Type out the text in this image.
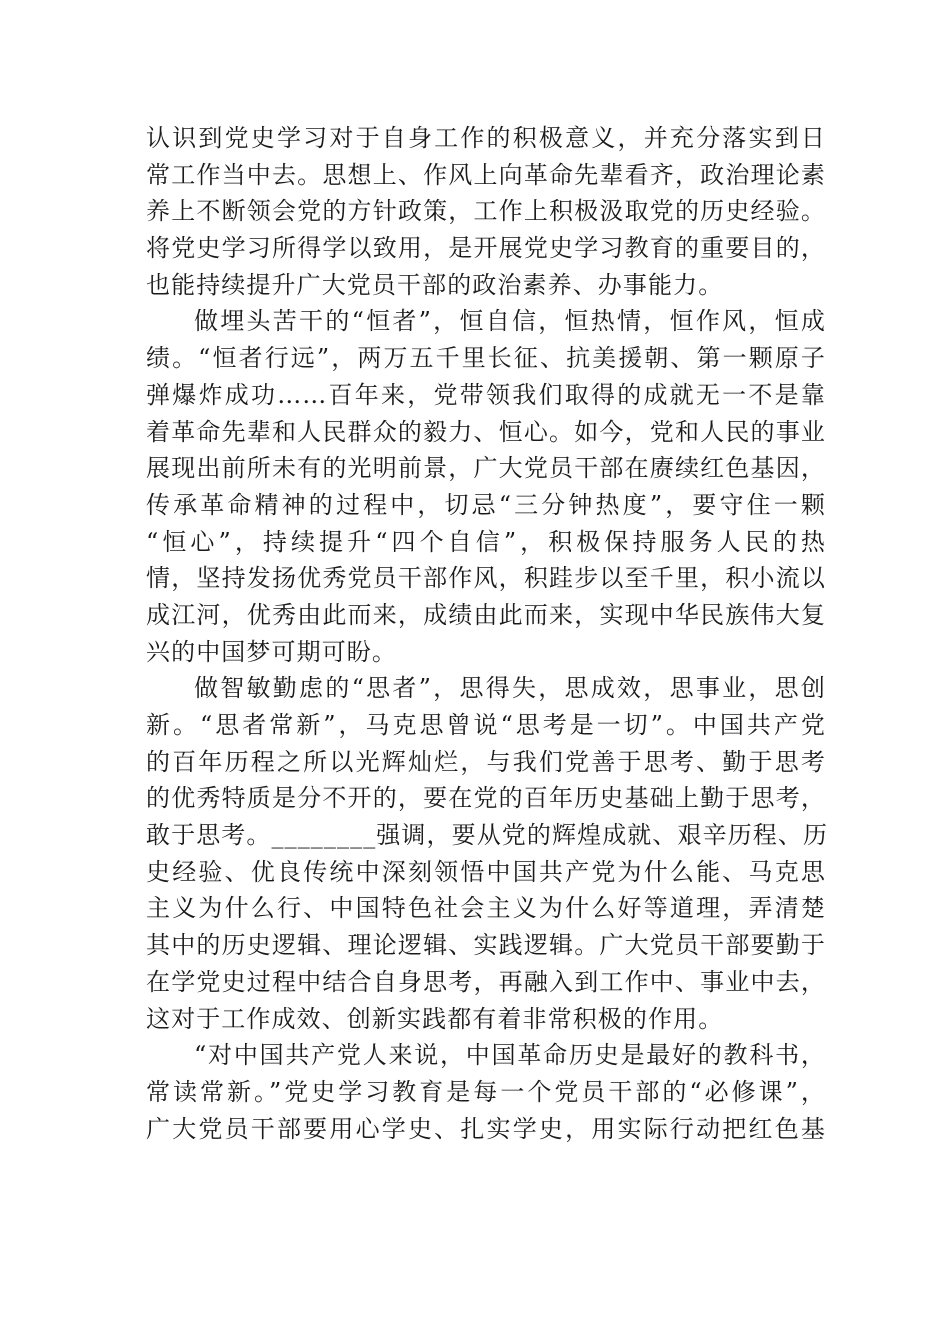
认识到党史学习对于自身工作的积极意义，并充分落实到日
常工作当中去。思想上、作风上向革命先辈看齐，政治理论素
养上不断领会党的方针政策，工作上积极汲取党的历史经验。
将党史学习所得学以致用，是开展党史学习教育的重要目的，
也能持续提升广大党员干部的政治素养、办事能力。
做埋头苦干的“恒者”，恒自信，恒热情，恒作风，恒成
绩。“恒者行远”，两万五千里长征、抗美援朝、第一颗原子
弹爆炸成功……百年来，党带领我们取得的成就无一不是靠
着革命先辈和人民群众的毅力、恒心。如今，党和人民的事业
展现出前所未有的光明前景，广大党员干部在赓续红色基因，
传承革命精神的过程中，切忌“三分钟热度”，要守住一颗
“恒心”，持续提升“四个自信”，积极保持服务人民的热
情，坚持发扬优秀党员干部作风，积跬步以至千里，积小流以
成江河，优秀由此而来，成绩由此而来，实现中华民族伟大复
兴的中国梦可期可盼。
做智敏勤虑的“思者”，思得失，思成效，思事业，思创
新。“思者常新”，马克思曾说“思考是一切”。中国共产党
的百年历程之所以光辉灿烂，与我们党善于思考、勤于思考
的优秀特质是分不开的，要在党的百年历史基础上勤于思考，
敢于思考。________强调，要从党的辉煌成就、艰辛历程、历
史经验、优良传统中深刻领悟中国共产党为什么能、马克思
主义为什么行、中国特色社会主义为什么好等道理，弄清楚
其中的历史逻辑、理论逻辑、实践逻辑。广大党员干部要勤于
在学党史过程中结合自身思考，再融入到工作中、事业中去，
这对于工作成效、创新实践都有着非常积极的作用。
“对中国共产党人来说，中国革命历史是最好的教科书，
常读常新。”党史学习教育是每一个党员干部的“必修课”，
广大党员干部要用心学史、扎实学史，用实际行动把红色基
